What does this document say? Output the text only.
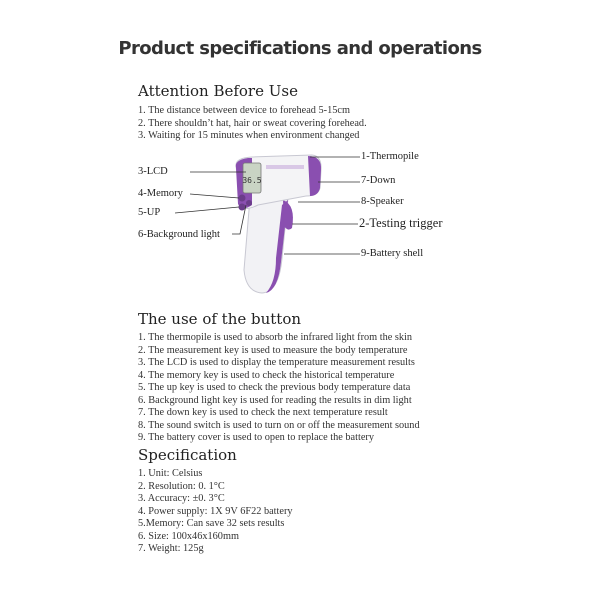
Product specifications and operations
Attention Before Use
1. The distance between device to forehead 5-15cm
2. There shouldn’t hat, hair or sweat covering forehead.
3. Waiting for 15 minutes when environment changed
36.5
3-LCD
4-Memory
5-UP
6-Background light
1-Thermopile
7-Down
8-Speaker
2-Testing trigger
9-Battery shell
The use of the button
1. The thermopile is used to absorb the infrared light from the skin
2. The measurement key is used to measure the body temperature
3. The LCD is used to display the temperature measurement results
4. The memory key is used to check the historical temperature
5. The up key is used to check the previous body temperature data
6. Background light key is used for reading the results in dim light
7. The down key is used to check the next temperature result
8. The sound switch is used to turn on or off the measurement sound
9. The battery cover is used to open to replace the battery
Specification
1. Unit: Celsius
2. Resolution: 0. 1°C
3. Accuracy: ±0. 3°C
4. Power supply: 1X 9V 6F22 battery
5.Memory: Can save 32 sets results
6. Size: 100x46x160mm
7. Weight: 125g
